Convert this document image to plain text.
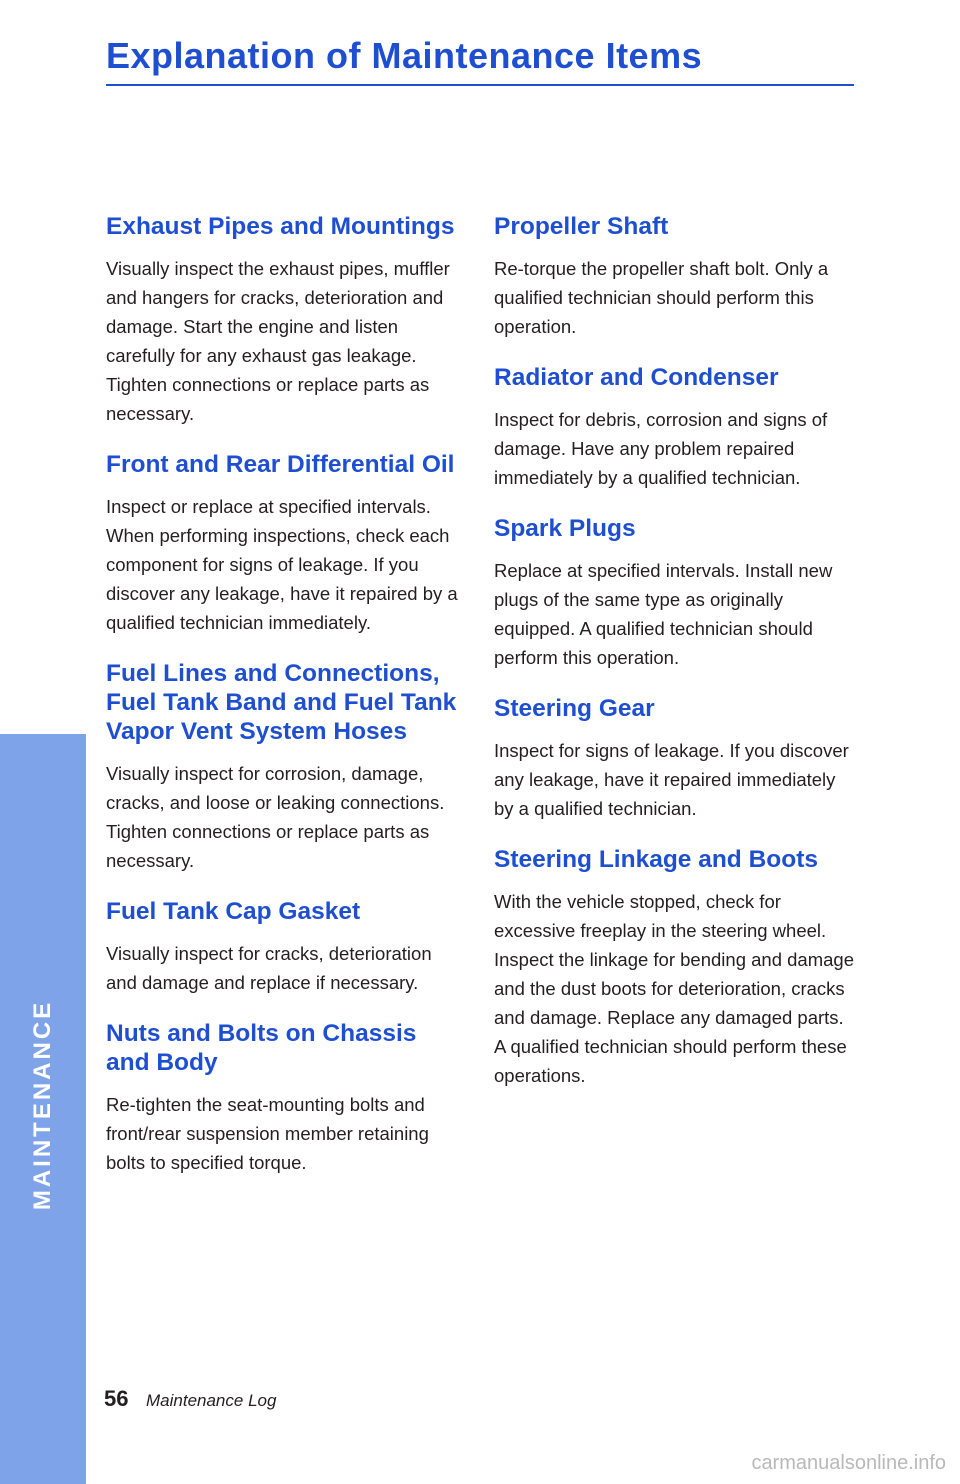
Explanation of Maintenance Items
MAINTENANCE
Exhaust Pipes and Mountings

Visually inspect the exhaust pipes, muffler and hangers for cracks, deterioration and damage. Start the engine and listen carefully for any exhaust gas leakage. Tighten connections or replace parts as necessary.

Front and Rear Differential Oil

Inspect or replace at specified intervals. When performing inspections, check each component for signs of leakage. If you discover any leakage, have it repaired by a qualified technician immediately.

Fuel Lines and Connections, Fuel Tank Band and Fuel Tank Vapor Vent System Hoses

Visually inspect for corrosion, damage, cracks, and loose or leaking connections. Tighten connections or replace parts as necessary.

Fuel Tank Cap Gasket

Visually inspect for cracks, deterioration and damage and replace if necessary.

Nuts and Bolts on Chassis and Body

Re-tighten the seat-mounting bolts and front/rear suspension member retaining bolts to specified torque.

Propeller Shaft

Re-torque the propeller shaft bolt. Only a qualified technician should perform this operation.

Radiator and Condenser

Inspect for debris, corrosion and signs of damage. Have any problem repaired immediately by a qualified technician.

Spark Plugs

Replace at specified intervals. Install new plugs of the same type as originally equipped. A qualified technician should perform this operation.

Steering Gear

Inspect for signs of leakage. If you discover any leakage, have it repaired immediately by a qualified technician.

Steering Linkage and Boots

With the vehicle stopped, check for excessive freeplay in the steering wheel. Inspect the linkage for bending and damage and the dust boots for deterioration, cracks and damage. Replace any damaged parts. A qualified technician should perform these operations.

56 Maintenance Log
carmanualsonline.info
